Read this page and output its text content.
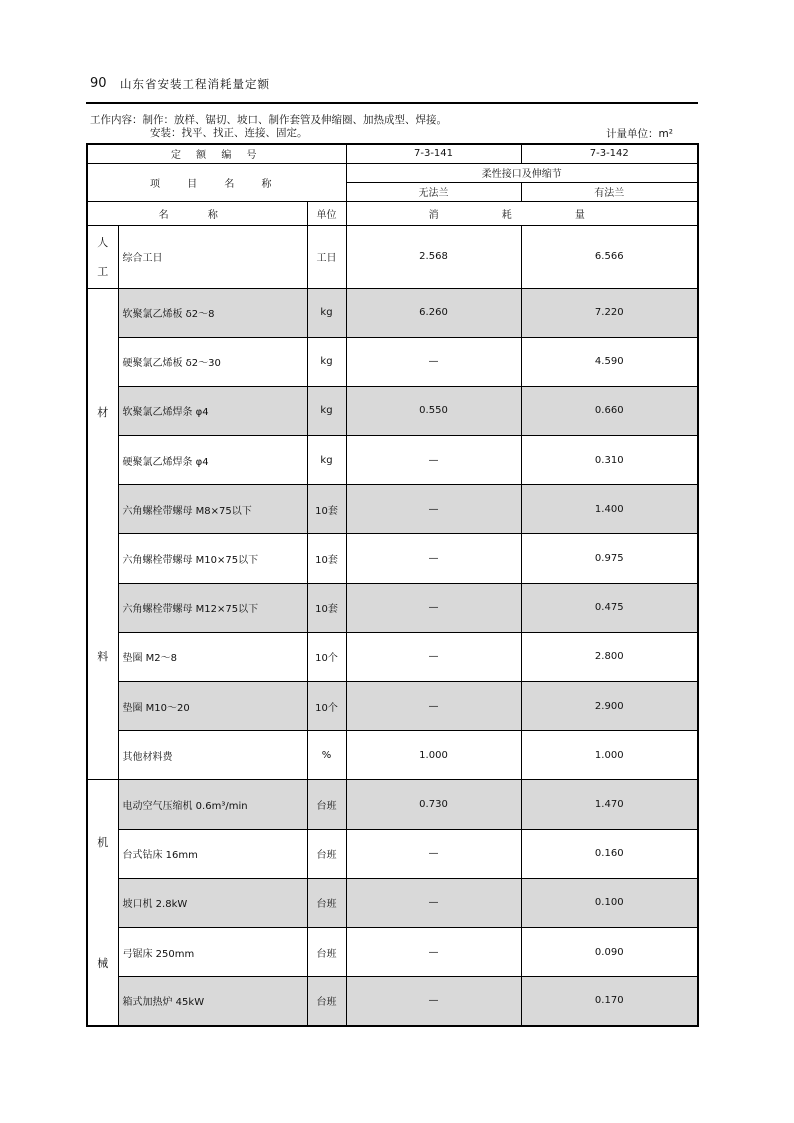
90 山东省安装工程消耗量定额
工作内容：制作：放样、锯切、坡口、制作套管及伸缩圈、加热成型、焊接。
安装：找平、找正、连接、固定。	计量单位：m²
定 额 编 号			7-3-141	7-3-142
项 目 名 称			柔性接口及伸缩节	
			无法兰	有法兰
名 称		单位	消 耗 量	

人
工	综合工日	工日	2.568	6.566

材
料	软聚氯乙烯板 δ2～8	kg	6.260	7.220
	硬聚氯乙烯板 δ2～30	kg	—	4.590
	软聚氯乙烯焊条 φ4	kg	0.550	0.660
	硬聚氯乙烯焊条 φ4	kg	—	0.310
	六角螺栓带螺母 M8×75以下	10套	—	1.400
	六角螺栓带螺母 M10×75以下	10套	—	0.975
	六角螺栓带螺母 M12×75以下	10套	—	0.475
	垫圈 M2～8	10个	—	2.800
	垫圈 M10～20	10个	—	2.900
	其他材料费	%	1.000	1.000

机
械	电动空气压缩机 0.6m³/min	台班	0.730	1.470
	台式钻床 16mm	台班	—	0.160
	坡口机 2.8kW	台班	—	0.100
	弓锯床 250mm	台班	—	0.090
	箱式加热炉 45kW	台班	—	0.170
